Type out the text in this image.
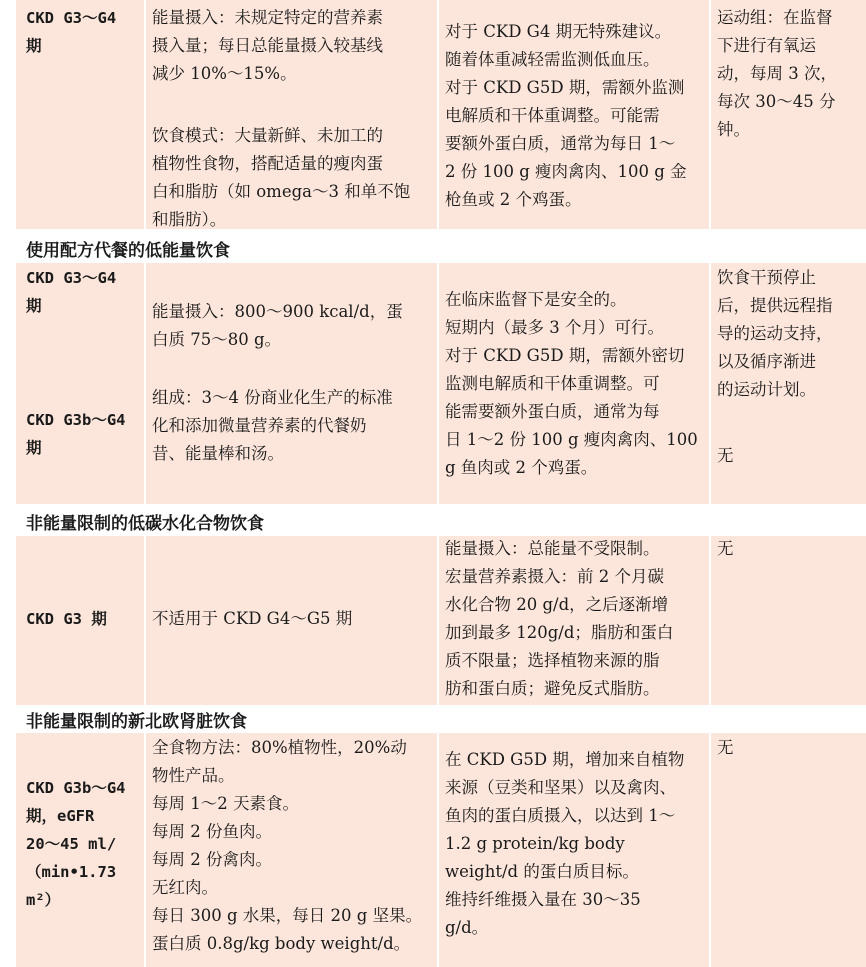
CKD G3～G4
期
能量摄入：未规定特定的营养素
摄入量；每日总能量摄入较基线
减少 10%～15%。
饮食模式：大量新鲜、未加工的
植物性食物，搭配适量的瘦肉蛋
白和脂肪（如 omega～3 和单不饱
和脂肪）。
对于 CKD G4 期无特殊建议。
随着体重减轻需监测低血压。
对于 CKD G5D 期，需额外监测
电解质和干体重调整。可能需
要额外蛋白质，通常为每日 1～
2 份 100 g 瘦肉禽肉、100 g 金
枪鱼或 2 个鸡蛋。
运动组：在监督
下进行有氧运
动，每周 3 次，
每次 30～45 分
钟。
使用配方代餐的低能量饮食
CKD G3～G4
期
CKD G3b～G4
期
能量摄入：800～900 kcal/d，蛋
白质 75～80 g。
组成：3～4 份商业化生产的标准
化和添加微量营养素的代餐奶
昔、能量棒和汤。
在临床监督下是安全的。
短期内（最多 3 个月）可行。
对于 CKD G5D 期，需额外密切
监测电解质和干体重调整。可
能需要额外蛋白质，通常为每
日 1～2 份 100 g 瘦肉禽肉、100
g 鱼肉或 2 个鸡蛋。
饮食干预停止
后，提供远程指
导的运动支持，
以及循序渐进
的运动计划。
无
非能量限制的低碳水化合物饮食
CKD G3 期	不适用于 CKD G4～G5 期
能量摄入：总能量不受限制。
宏量营养素摄入：前 2 个月碳
水化合物 20 g/d，之后逐渐增
加到最多 120g/d；脂肪和蛋白
质不限量；选择植物来源的脂
肪和蛋白质；避免反式脂肪。
无
非能量限制的新北欧肾脏饮食
CKD G3b～G4
期，eGFR
20～45 ml/
（min•1.73
m²）
全食物方法：80%植物性，20%动
物性产品。
每周 1～2 天素食。
每周 2 份鱼肉。
每周 2 份禽肉。
无红肉。
每日 300 g 水果，每日 20 g 坚果。
蛋白质 0.8g/kg body weight/d。
在 CKD G5D 期，增加来自植物
来源（豆类和坚果）以及禽肉、
鱼肉的蛋白质摄入，以达到 1～
1.2 g protein/kg body
weight/d 的蛋白质目标。
维持纤维摄入量在 30～35
g/d。
无
